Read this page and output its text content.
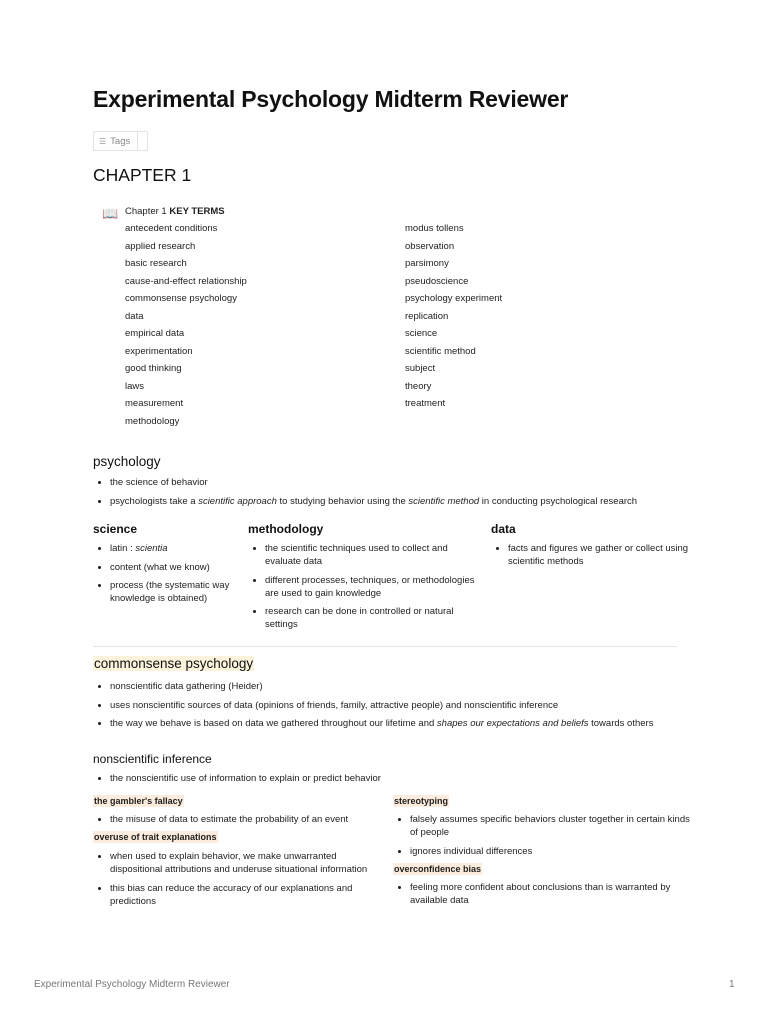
Experimental Psychology Midterm Reviewer
☰ Tags
CHAPTER 1
📖 Chapter 1 KEY TERMS
antecedent conditions
applied research
basic research
cause-and-effect relationship
commonsense psychology
data
empirical data
experimentation
good thinking
laws
measurement
methodology
modus tollens
observation
parsimony
pseudoscience
psychology experiment
replication
science
scientific method
subject
theory
treatment
psychology
• the science of behavior
• psychologists take a scientific approach to studying behavior using the scientific method in conducting psychological research
science
• latin : scientia
• content (what we know)
• process (the systematic way knowledge is obtained)
methodology
• the scientific techniques used to collect and evaluate data
• different processes, techniques, or methodologies are used to gain knowledge
• research can be done in controlled or natural settings
data
• facts and figures we gather or collect using scientific methods
commonsense psychology
• nonscientific data gathering (Heider)
• uses nonscientific sources of data (opinions of friends, family, attractive people) and nonscientific inference
• the way we behave is based on data we gathered throughout our lifetime and shapes our expectations and beliefs towards others
nonscientific inference
• the nonscientific use of information to explain or predict behavior
the gambler's fallacy
• the misuse of data to estimate the probability of an event
overuse of trait explanations
• when used to explain behavior, we make unwarranted dispositional attributions and underuse situational information
• this bias can reduce the accuracy of our explanations and predictions
stereotyping
• falsely assumes specific behaviors cluster together in certain kinds of people
• ignores individual differences
overconfidence bias
• feeling more confident about conclusions than is warranted by available data
Experimental Psychology Midterm Reviewer	1
